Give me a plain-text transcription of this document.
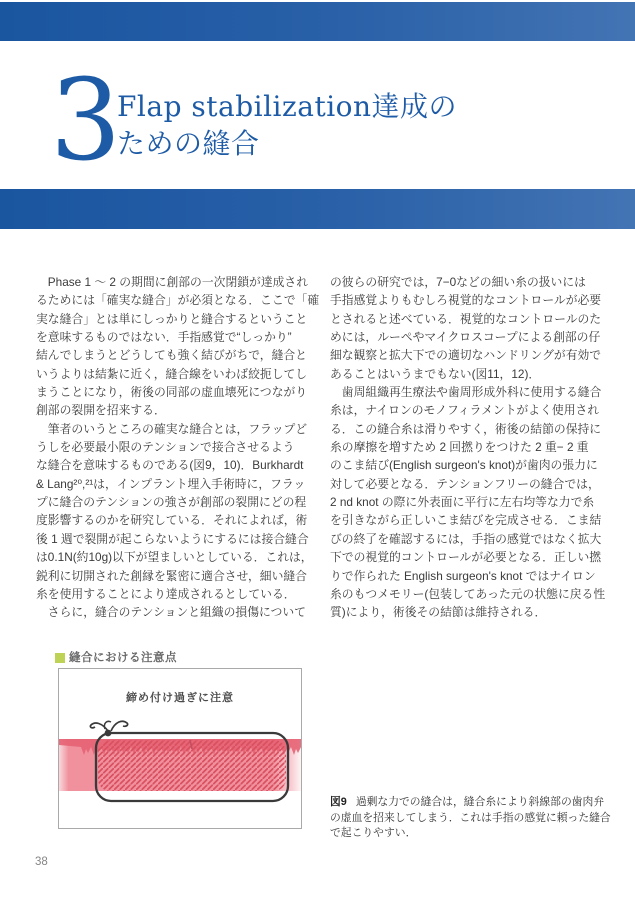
3
Flap stabilization達成の
ための縫合
　Phase 1 〜 2 の期間に創部の一次閉鎖が達成され
るためには「確実な縫合」が必須となる．ここで「確
実な縫合」とは単にしっかりと縫合するということ
を意味するものではない．手指感覚で“しっかり”
結んでしまうとどうしても強く結びがちで，縫合と
いうよりは結紮に近く，縫合線をいわば絞扼してし
まうことになり，術後の同部の虚血壊死につながり
創部の裂開を招来する．
　筆者のいうところの確実な縫合とは，フラップど
うしを必要最小限のテンションで接合させるよう
な縫合を意味するものである(図9，10)．Burkhardt
& Lang²⁰,²¹は，インプラント埋入手術時に，フラッ
プに縫合のテンションの強さが創部の裂開にどの程
度影響するのかを研究している．それによれば，術
後 1 週で裂開が起こらないようにするには接合縫合
は0.1N(約10g)以下が望ましいとしている．これは，
鋭利に切開された創縁を緊密に適合させ，細い縫合
糸を使用することにより達成されるとしている．
　さらに，縫合のテンションと組織の損傷について
の彼らの研究では，7−0などの細い糸の扱いには
手指感覚よりもむしろ視覚的なコントロールが必要
とされると述べている．視覚的なコントロールのた
めには，ルーペやマイクロスコープによる創部の仔
細な観察と拡大下での適切なハンドリングが有効で
あることはいうまでもない(図11，12)．
　歯周組織再生療法や歯周形成外科に使用する縫合
糸は，ナイロンのモノフィラメントがよく使用され
る．この縫合糸は滑りやすく，術後の結節の保持に
糸の摩擦を増すため 2 回撚りをつけた 2 重− 2 重
のこま結び(English surgeon's knot)が歯肉の張力に
対して必要となる．テンションフリーの縫合では，
2 nd knot の際に外表面に平行に左右均等な力で糸
を引きながら正しいこま結びを完成させる．こま結
びの終了を確認するには，手指の感覚ではなく拡大
下での視覚的コントロールが必要となる．正しい撚
りで作られた English surgeon's knot ではナイロン
糸のもつメモリー(包装してあった元の状態に戻る性
質)により，術後その結節は維持される．
縫合における注意点
締め付け過ぎに注意
図9 過剰な力での縫合は，縫合糸により斜線部の歯肉弁
の虚血を招来してしまう．これは手指の感覚に頼った縫合
で起こりやすい．
38
